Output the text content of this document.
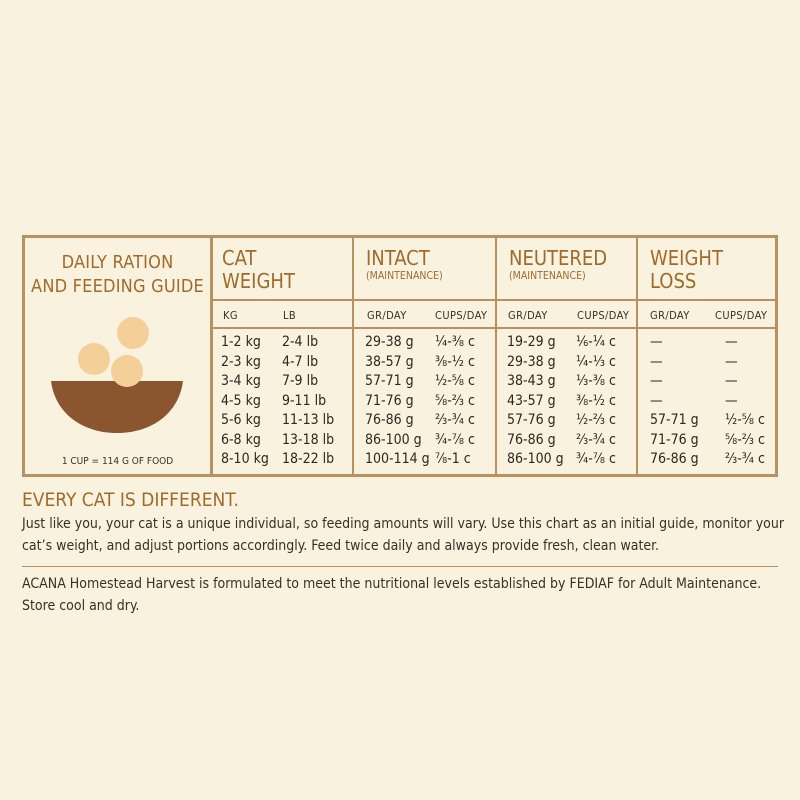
DAILY RATION
AND FEEDING GUIDE
1 CUP = 114 G OF FOOD
CAT
WEIGHT
INTACT
(MAINTENANCE)
NEUTERED
(MAINTENANCE)
WEIGHT
LOSS
KG	LB	GR/DAY	CUPS/DAY GR/DAY	CUPS/DAY GR/DAY CUPS/DAY
1-2 kg 2-4 lb	29-38 g ¼-⅜ c 19-29 g ⅙-¼ c —	—
2-3 kg 4-7 lb	38-57 g ⅜-½ c 29-38 g ¼-⅓ c —	—
3-4 kg 7-9 lb	57-71 g ½-⅝ c 38-43 g ⅓-⅜ c —	—
4-5 kg 9-11 lb	71-76 g ⅝-⅔ c 43-57 g ⅜-½ c —	—
5-6 kg 11-13 lb 76-86 g ⅔-¾ c 57-76 g ½-⅔ c 57-71 g ½-⅝ c
6-8 kg 13-18 lb 86-100 g ¾-⅞ c 76-86 g ⅔-¾ c 71-76 g ⅝-⅔ c
8-10 kg 18-22 lb 100-114 g ⅞-1 c	86-100 g ¾-⅞ c 76-86 g ⅔-¾ c
EVERY CAT IS DIFFERENT.
Just like you, your cat is a unique individual, so feeding amounts will vary. Use this chart as an initial guide, monitor your cat’s weight, and adjust portions accordingly. Feed twice daily and always provide fresh, clean water.
ACANA Homestead Harvest is formulated to meet the nutritional levels established by FEDIAF for Adult Maintenance. Store cool and dry.
